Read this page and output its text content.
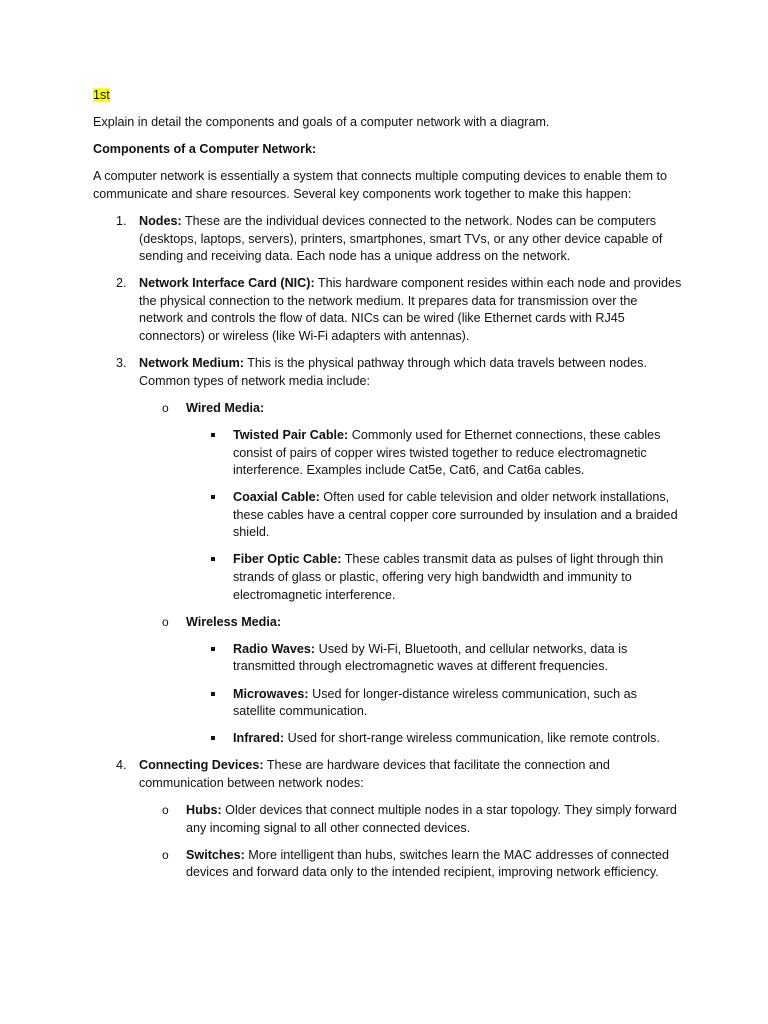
1st

Explain in detail the components and goals of a computer network with a diagram.

Components of a Computer Network:

A computer network is essentially a system that connects multiple computing devices to enable them to communicate and share resources. Several key components work together to make this happen:

1. Nodes: These are the individual devices connected to the network. Nodes can be computers (desktops, laptops, servers), printers, smartphones, smart TVs, or any other device capable of sending and receiving data. Each node has a unique address on the network.
2. Network Interface Card (NIC): This hardware component resides within each node and provides the physical connection to the network medium. It prepares data for transmission over the network and controls the flow of data. NICs can be wired (like Ethernet cards with RJ45 connectors) or wireless (like Wi-Fi adapters with antennas).
3. Network Medium: This is the physical pathway through which data travels between nodes. Common types of network media include:
o Wired Media:
Twisted Pair Cable: Commonly used for Ethernet connections, these cables consist of pairs of copper wires twisted together to reduce electromagnetic interference. Examples include Cat5e, Cat6, and Cat6a cables.
Coaxial Cable: Often used for cable television and older network installations, these cables have a central copper core surrounded by insulation and a braided shield.
Fiber Optic Cable: These cables transmit data as pulses of light through thin strands of glass or plastic, offering very high bandwidth and immunity to electromagnetic interference.
o Wireless Media:
Radio Waves: Used by Wi-Fi, Bluetooth, and cellular networks, data is transmitted through electromagnetic waves at different frequencies.
Microwaves: Used for longer-distance wireless communication, such as satellite communication.
Infrared: Used for short-range wireless communication, like remote controls.
4. Connecting Devices: These are hardware devices that facilitate the connection and communication between network nodes:
o Hubs: Older devices that connect multiple nodes in a star topology. They simply forward any incoming signal to all other connected devices.
o Switches: More intelligent than hubs, switches learn the MAC addresses of connected devices and forward data only to the intended recipient, improving network efficiency.
